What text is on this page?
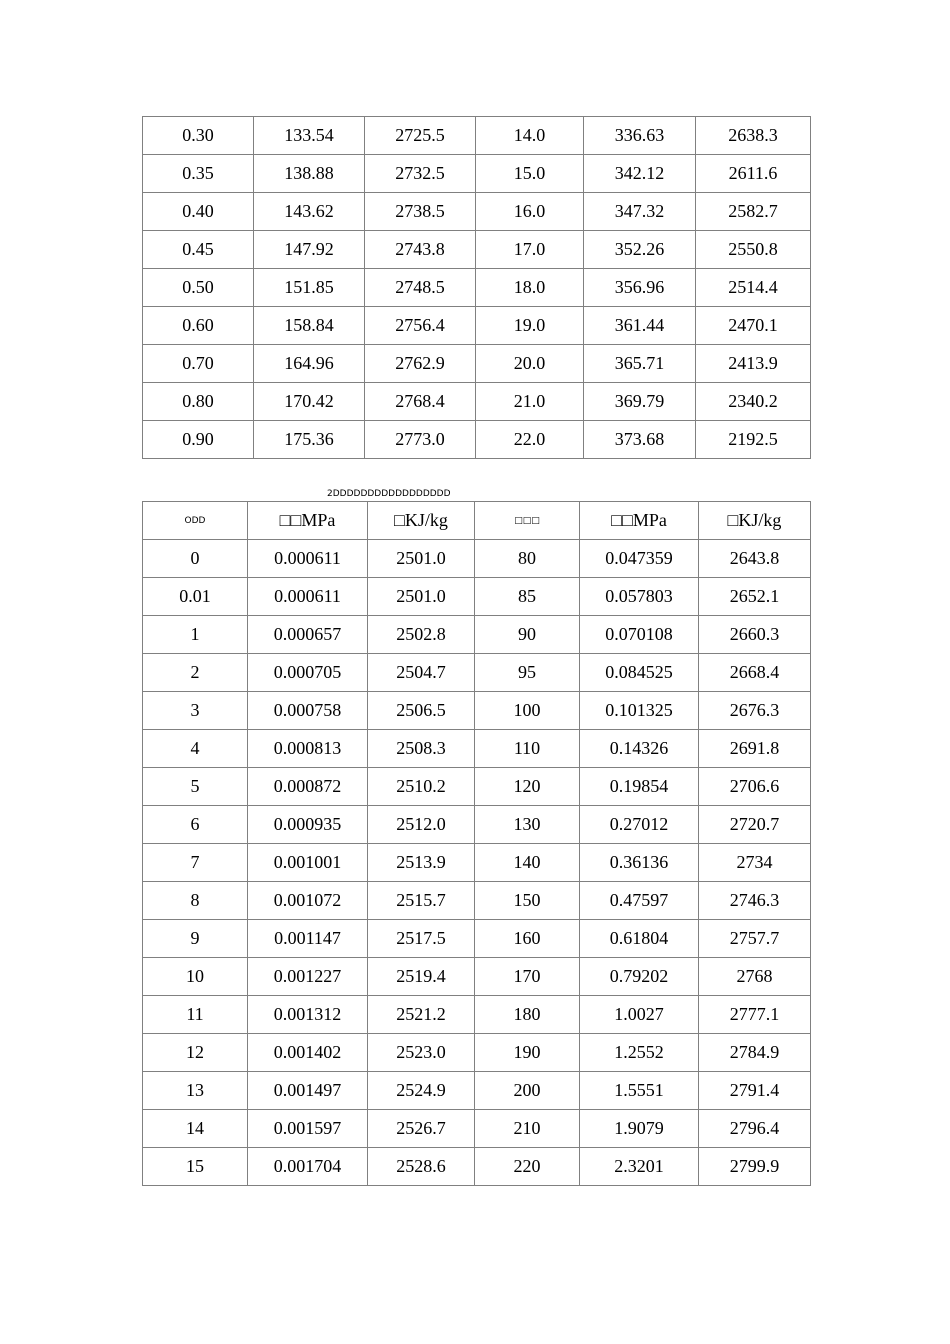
0.30	133.54	2725.5	14.0	336.63	2638.3
0.35	138.88	2732.5	15.0	342.12	2611.6
0.40	143.62	2738.5	16.0	347.32	2582.7
0.45	147.92	2743.8	17.0	352.26	2550.8
0.50	151.85	2748.5	18.0	356.96	2514.4
0.60	158.84	2756.4	19.0	361.44	2470.1
0.70	164.96	2762.9	20.0	365.71	2413.9
0.80	170.42	2768.4	21.0	369.79	2340.2
0.90	175.36	2773.0	22.0	373.68	2192.5
2DDDDDDDDDDDDDDDDD
ODD	□□MPa	□KJ/kg	□□□	□□MPa	□KJ/kg
0	0.000611	2501.0	80	0.047359	2643.8
0.01	0.000611	2501.0	85	0.057803	2652.1
1	0.000657	2502.8	90	0.070108	2660.3
2	0.000705	2504.7	95	0.084525	2668.4
3	0.000758	2506.5	100	0.101325	2676.3
4	0.000813	2508.3	110	0.14326	2691.8
5	0.000872	2510.2	120	0.19854	2706.6
6	0.000935	2512.0	130	0.27012	2720.7
7	0.001001	2513.9	140	0.36136	2734
8	0.001072	2515.7	150	0.47597	2746.3
9	0.001147	2517.5	160	0.61804	2757.7
10	0.001227	2519.4	170	0.79202	2768
11	0.001312	2521.2	180	1.0027	2777.1
12	0.001402	2523.0	190	1.2552	2784.9
13	0.001497	2524.9	200	1.5551	2791.4
14	0.001597	2526.7	210	1.9079	2796.4
15	0.001704	2528.6	220	2.3201	2799.9
